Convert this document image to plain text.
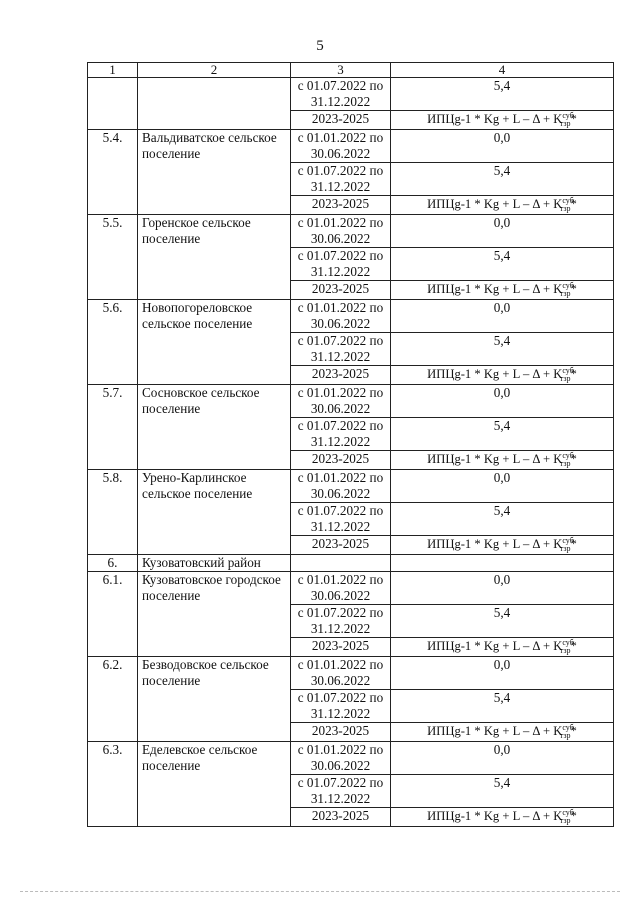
5
1	2	3	4
		с 01.07.2022 по 31.12.2022	5,4
		2023-2025	ИПЦg-1 * $Kg + L - \Delta + K^{суб}_{тзр}*$
5.4.	Вальдиватское сельское поселение	с 01.01.2022 по 30.06.2022	0,0
		с 01.07.2022 по 31.12.2022	5,4
		2023-2025	ИПЦg-1 * $Kg + L - \Delta + K^{суб}_{тзр}*$
5.5.	Горенское сельское поселение	с 01.01.2022 по 30.06.2022	0,0
		с 01.07.2022 по 31.12.2022	5,4
		2023-2025	ИПЦg-1 * $Kg + L - \Delta + K^{суб}_{тзр}*$
5.6.	Новопогореловское сельское поселение	с 01.01.2022 по 30.06.2022	0,0
		с 01.07.2022 по 31.12.2022	5,4
		2023-2025	ИПЦg-1 * $Kg + L - \Delta + K^{суб}_{тзр}*$
5.7.	Сосновское сельское поселение	с 01.01.2022 по 30.06.2022	0,0
		с 01.07.2022 по 31.12.2022	5,4
		2023-2025	ИПЦg-1 * $Kg + L - \Delta + K^{суб}_{тзр}*$
5.8.	Урено-Карлинское сельское поселение	с 01.01.2022 по 30.06.2022	0,0
		с 01.07.2022 по 31.12.2022	5,4
		2023-2025	ИПЦg-1 * $Kg + L - \Delta + K^{суб}_{тзр}*$
6.	Кузоватовский район		
6.1.	Кузоватовское городское поселение	с 01.01.2022 по 30.06.2022	0,0
		с 01.07.2022 по 31.12.2022	5,4
		2023-2025	ИПЦg-1 * $Kg + L - \Delta + K^{суб}_{тзр}*$
6.2.	Безводовское сельское поселение	с 01.01.2022 по 30.06.2022	0,0
		с 01.07.2022 по 31.12.2022	5,4
		2023-2025	ИПЦg-1 * $Kg + L - \Delta + K^{суб}_{тзр}*$
6.3.	Еделевское сельское поселение	с 01.01.2022 по 30.06.2022	0,0
		с 01.07.2022 по 31.12.2022	5,4
		2023-2025	ИПЦg-1 * $Kg + L - \Delta + K^{суб}_{тзр}*$
